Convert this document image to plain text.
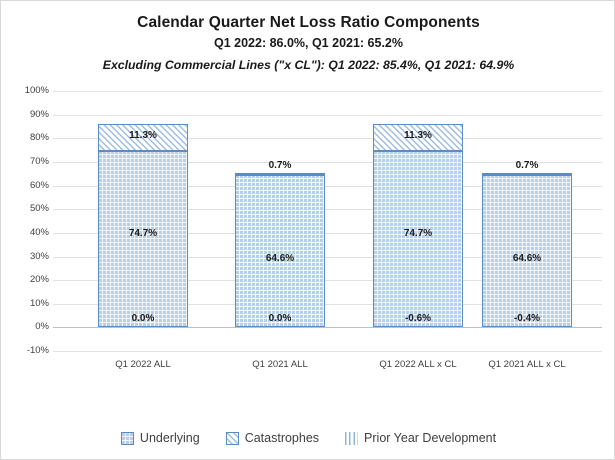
Calendar Quarter Net Loss Ratio Components
Q1 2022: 86.0%, Q1 2021: 65.2%
Excluding Commercial Lines ("x CL"): Q1 2022: 85.4%, Q1 2021: 64.9%
100%
90%
80%
70%
60%
50%
40%
30%
20%
10%
0%
-10%
11.3%
74.7%
0.0%
Q1 2022 ALL
0.7%
64.6%
0.0%
Q1 2021 ALL
11.3%
74.7%
-0.6%
Q1 2022 ALL x CL
0.7%
64.6%
-0.4%
Q1 2021 ALL x CL
Underlying	Catastrophes	Prior Year Development
